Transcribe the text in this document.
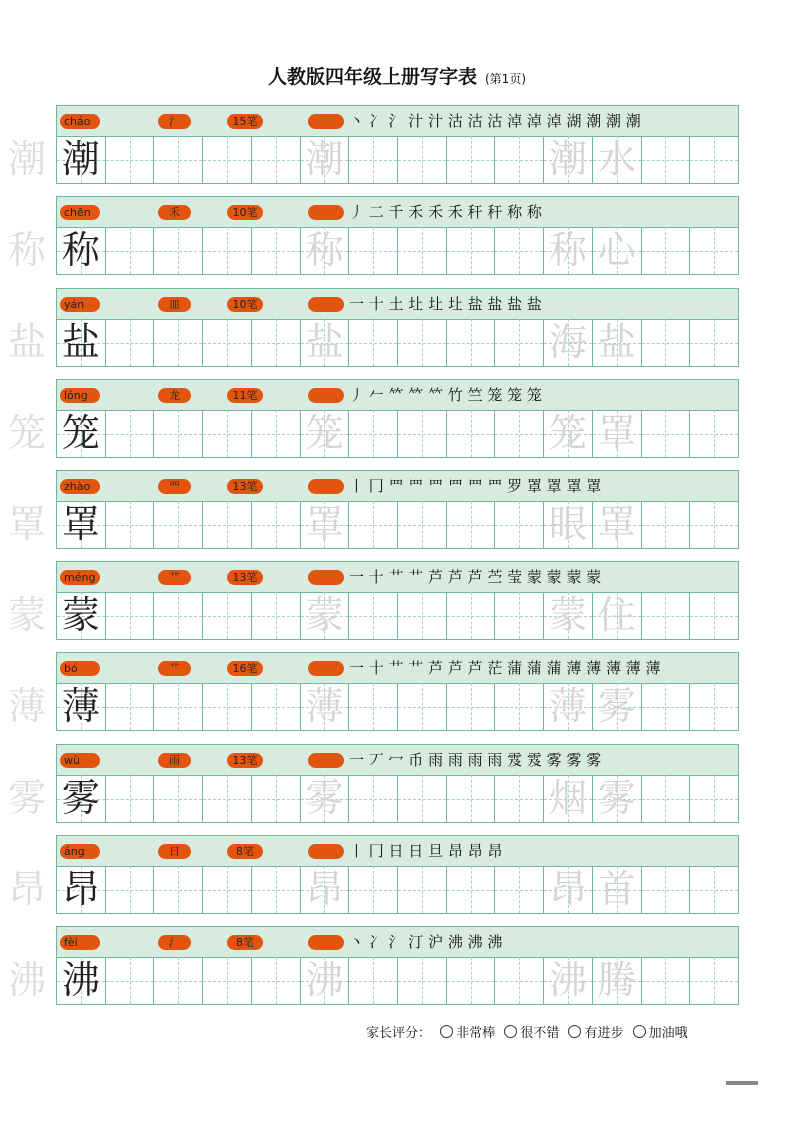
人教版四年级上册写字表 (第1页)
cháo	氵	15笔	丶 冫 氵 汁 汁 沽 沽 沽 淖 淖 淖 湖 潮 潮 潮
潮	潮	潮 水
潮
chēn	禾	10笔	丿 二 千 禾 禾 禾 秆 秆 称 称
称	称	称 心
称
yán	皿	10笔	一 十 土 圵 圵 圵 盐 盐 盐 盐
盐	盐	海 盐
盐
lóng	龙	11笔	丿 𠂉 𥫗 𥫗 𥫗 竹 竺 笼 笼 笼
笼	笼	笼 罩
笼
zhào	罒	13笔	丨 冂 罒 罒 罒 罒 罒 罒 罗 罩 罩 罩 罩
罩	罩	眼 罩
罩
méng	艹	13笔	一 十 艹 艹 芦 芦 芦 苎 莹 蒙 蒙 蒙 蒙
蒙	蒙	蒙 住
蒙
bó	艹	16笔	一 十 艹 艹 芦 芦 芦 茫 蒲 蒲 蒲 薄 薄 薄 薄 薄
薄	薄	薄 雾
薄
wù	雨	13笔	一 丆 冖 币 雨 雨 雨 雨 雭 雭 雾 雾 雾
雾	雾	烟 雾
雾
áng	日	8笔	丨 冂 日 日 旦 昂 昂 昂
昂	昂	昂 首
昂
fèi	氵	8笔	丶 冫 氵 汀 沪 沸 沸 沸
沸	沸	沸 腾
沸
家长评分： 非常棒 很不错 有进步 加油哦
